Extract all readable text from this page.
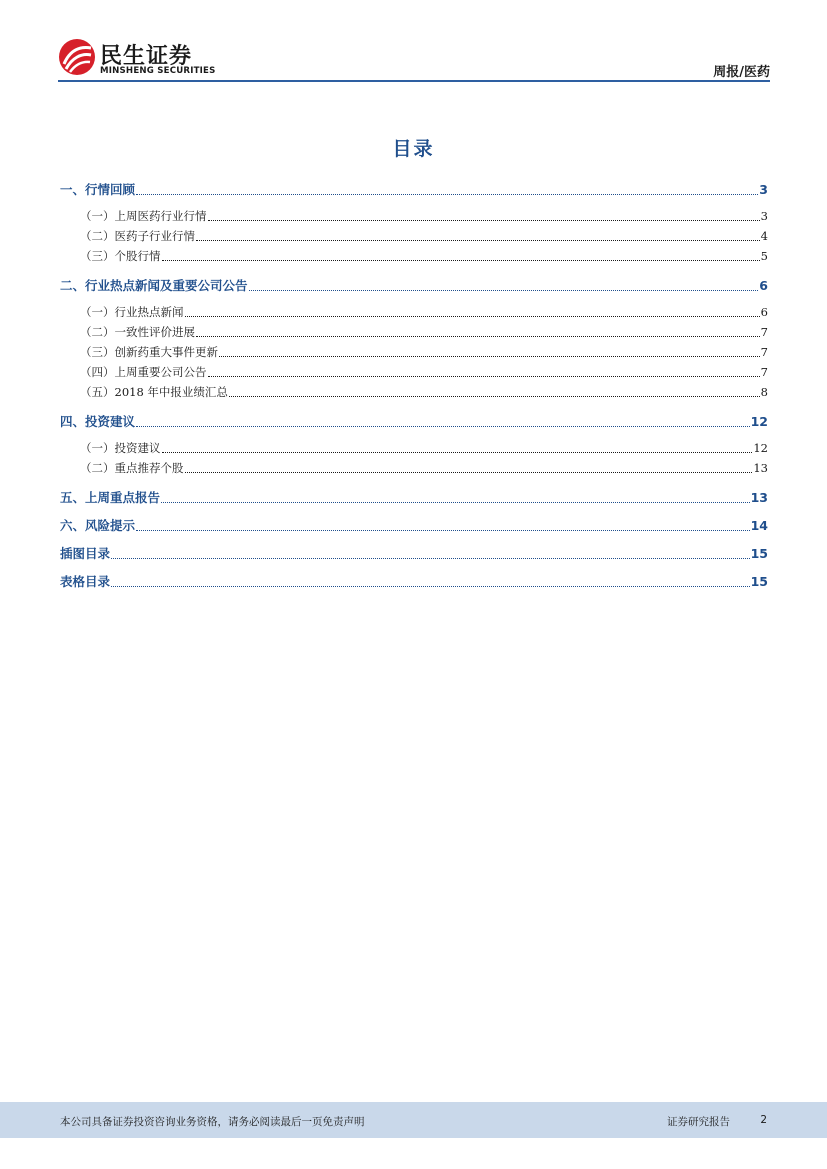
民生证券
MINSHENG SECURITIES	周报/医药
目录
一、行情回顾	3
（一）上周医药行业行情	3
（二）医药子行业行情	4
（三）个股行情	5
二、行业热点新闻及重要公司公告	6
（一）行业热点新闻	6
（二）一致性评价进展	7
（三）创新药重大事件更新	7
（四）上周重要公司公告	7
（五）2018 年中报业绩汇总	8
四、投资建议	12
（一）投资建议	12
（二）重点推荐个股	13
五、上周重点报告	13
六、风险提示	14
插图目录	15
表格目录	15
本公司具备证券投资咨询业务资格，请务必阅读最后一页免责声明	证券研究报告	2
